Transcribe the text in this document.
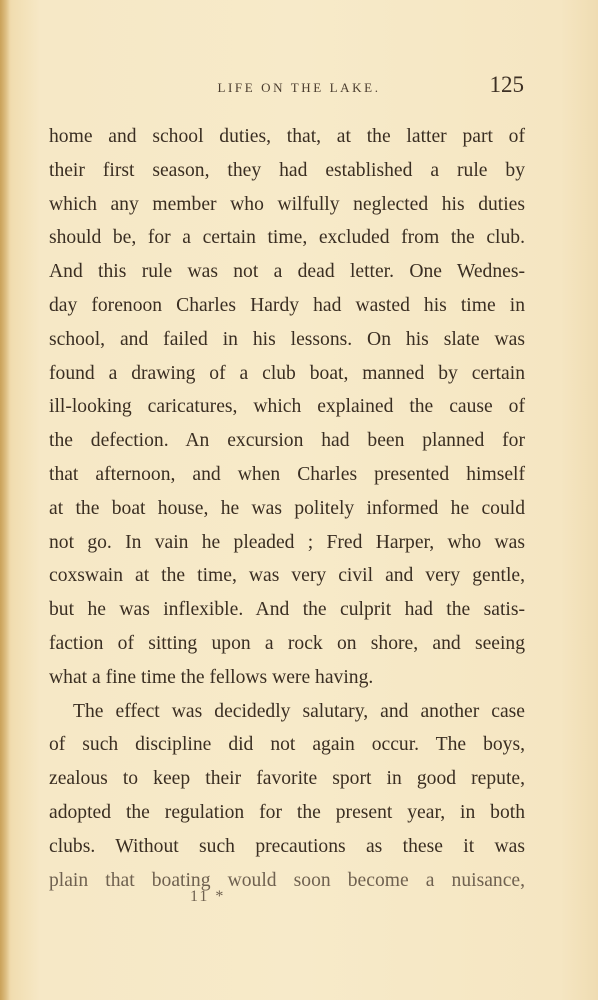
LIFE ON THE LAKE.	125
home and school duties, that, at the latter part of
their first season, they had established a rule by
which any member who wilfully neglected his duties
should be, for a certain time, excluded from the club.
And this rule was not a dead letter. One Wednes-
day forenoon Charles Hardy had wasted his time in
school, and failed in his lessons. On his slate was
found a drawing of a club boat, manned by certain
ill-looking caricatures, which explained the cause of
the defection. An excursion had been planned for
that afternoon, and when Charles presented himself
at the boat house, he was politely informed he could
not go. In vain he pleaded ; Fred Harper, who was
coxswain at the time, was very civil and very gentle,
but he was inflexible. And the culprit had the satis-
faction of sitting upon a rock on shore, and seeing
what a fine time the fellows were having.
The effect was decidedly salutary, and another case
of such discipline did not again occur. The boys,
zealous to keep their favorite sport in good repute,
adopted the regulation for the present year, in both
clubs. Without such precautions as these it was
plain that boating would soon become a nuisance,
11 *
